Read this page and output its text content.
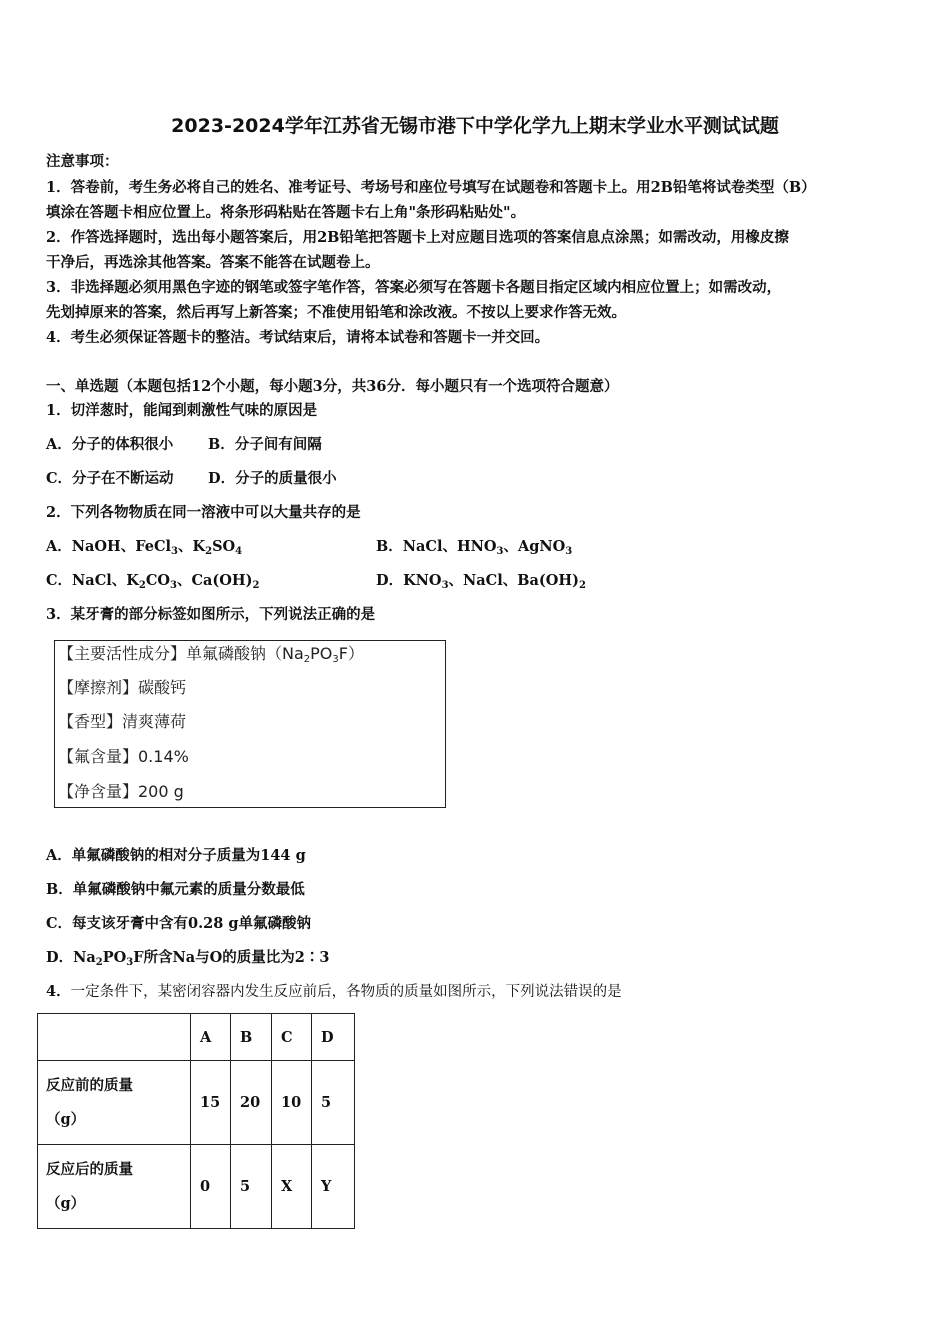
2023-2024学年江苏省无锡市港下中学化学九上期末学业水平测试试题
注意事项：
1．答卷前，考生务必将自己的姓名、准考证号、考场号和座位号填写在试题卷和答题卡上。用2B铅笔将试卷类型（B）
填涂在答题卡相应位置上。将条形码粘贴在答题卡右上角"条形码粘贴处"。
2．作答选择题时，选出每小题答案后，用2B铅笔把答题卡上对应题目选项的答案信息点涂黑；如需改动，用橡皮擦
干净后，再选涂其他答案。答案不能答在试题卷上。
3．非选择题必须用黑色字迹的钢笔或签字笔作答，答案必须写在答题卡各题目指定区域内相应位置上；如需改动，
先划掉原来的答案，然后再写上新答案；不准使用铅笔和涂改液。不按以上要求作答无效。
4．考生必须保证答题卡的整洁。考试结束后，请将本试卷和答题卡一并交回。
一、单选题（本题包括12个小题，每小题3分，共36分．每小题只有一个选项符合题意）
1．切洋葱时，能闻到刺激性气味的原因是
A．分子的体积很小 B．分子间有间隔
C．分子在不断运动 D．分子的质量很小
2．下列各物物质在同一溶液中可以大量共存的是
A．NaOH、FeCl$_3$、$K_2SO_4$	B．NaCl、$HNO_3$、AgNO$_3$
C．NaCl、$K_2CO_3$、$Ca(OH)_2$	D．$KNO_3$、NaCl、$Ba(OH)_2$
3．某牙膏的部分标签如图所示，下列说法正确的是
【主要活性成分】单氟磷酸钠$(Na_2PO_3F)$
【摩擦剂】碳酸钙
【香型】清爽薄荷
【氟含量】0.14%
【净含量】200 g
A．单氟磷酸钠的相对分子质量为144 g
B．单氟磷酸钠中氟元素的质量分数最低
C．每支该牙膏中含有0.28 g单氟磷酸钠
D．$Na_2PO_3F$所含Na与O的质量比为2∶3
4．一定条件下，某密闭容器内发生反应前后，各物质的质量如图所示，下列说法错误的是
	A	B	C	D

反应前的质量
（g）	15	20	10	5

反应后的质量
（g）	0	5	X	Y
